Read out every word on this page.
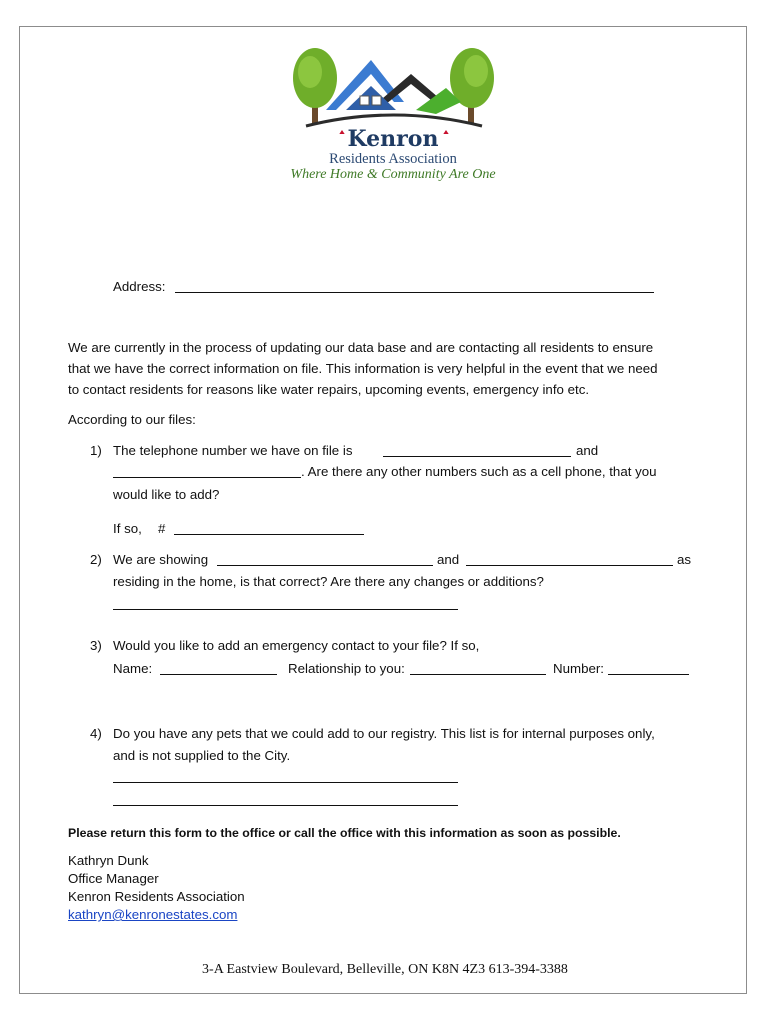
Kenron
Residents Association
Where Home & Community Are One
Address:
We are currently in the process of updating our data base and are contacting all residents to ensure
that we have the correct information on file. This information is very helpful in the event that we need
to contact residents for reasons like water repairs, upcoming events, emergency info etc.
According to our files:
1) The telephone number we have on file is	and
. Are there any other numbers such as a cell phone, that you
would like to add?
If so, #
2) We are showing	and	as
residing in the home, is that correct? Are there any changes or additions?
3) Would you like to add an emergency contact to your file? If so,
Name:	Relationship to you:	Number:
4) Do you have any pets that we could add to our registry. This list is for internal purposes only,
and is not supplied to the City.
Please return this form to the office or call the office with this information as soon as possible.
Kathryn Dunk
Office Manager
Kenron Residents Association
kathryn@kenronestates.com
3-A Eastview Boulevard, Belleville, ON K8N 4Z3 613-394-3388
